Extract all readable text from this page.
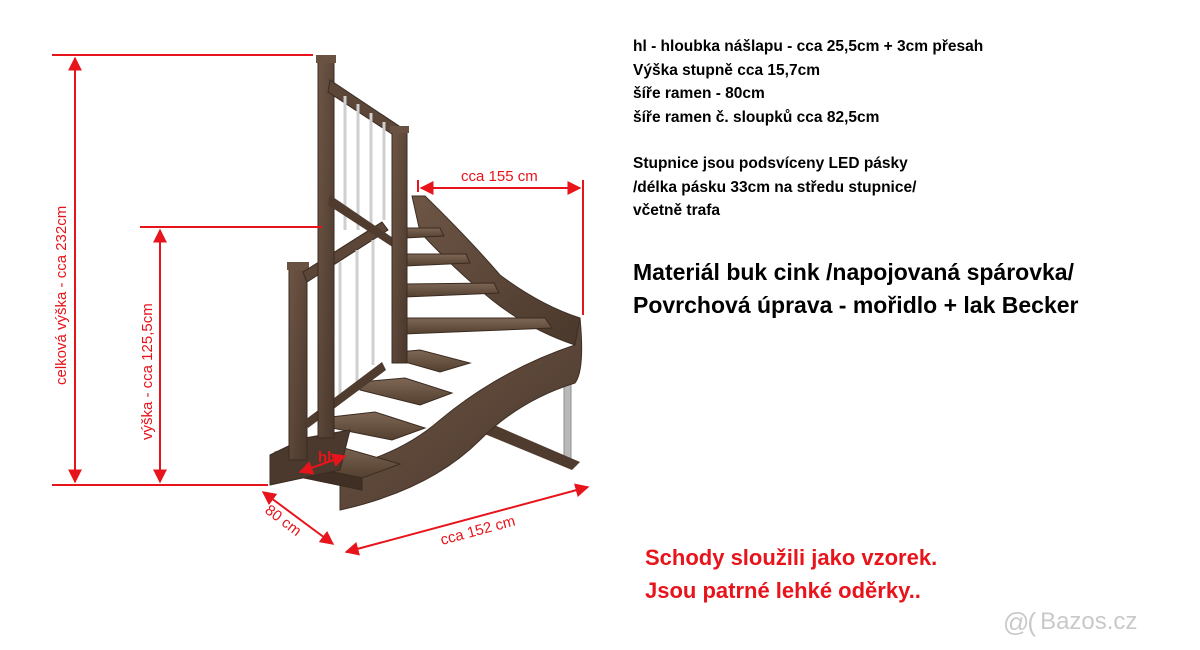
celková výška - cca 232cm	výška - cca 125,5cm
cca 155 cm
80 cm	cca 152 cm
hl
hl - hloubka nášlapu - cca 25,5cm + 3cm přesah
Výška stupně cca 15,7cm
šíře ramen - 80cm
šíře ramen č. sloupků cca 82,5cm
Stupnice jsou podsvíceny LED pásky
/délka pásku 33cm na středu stupnice/
včetně trafa
Materiál buk cink /napojovaná spárovka/
Povrchová úprava - mořidlo + lak Becker
Schody sloužili jako vzorek.
Jsou patrné lehké oděrky..
@( Bazos.cz
